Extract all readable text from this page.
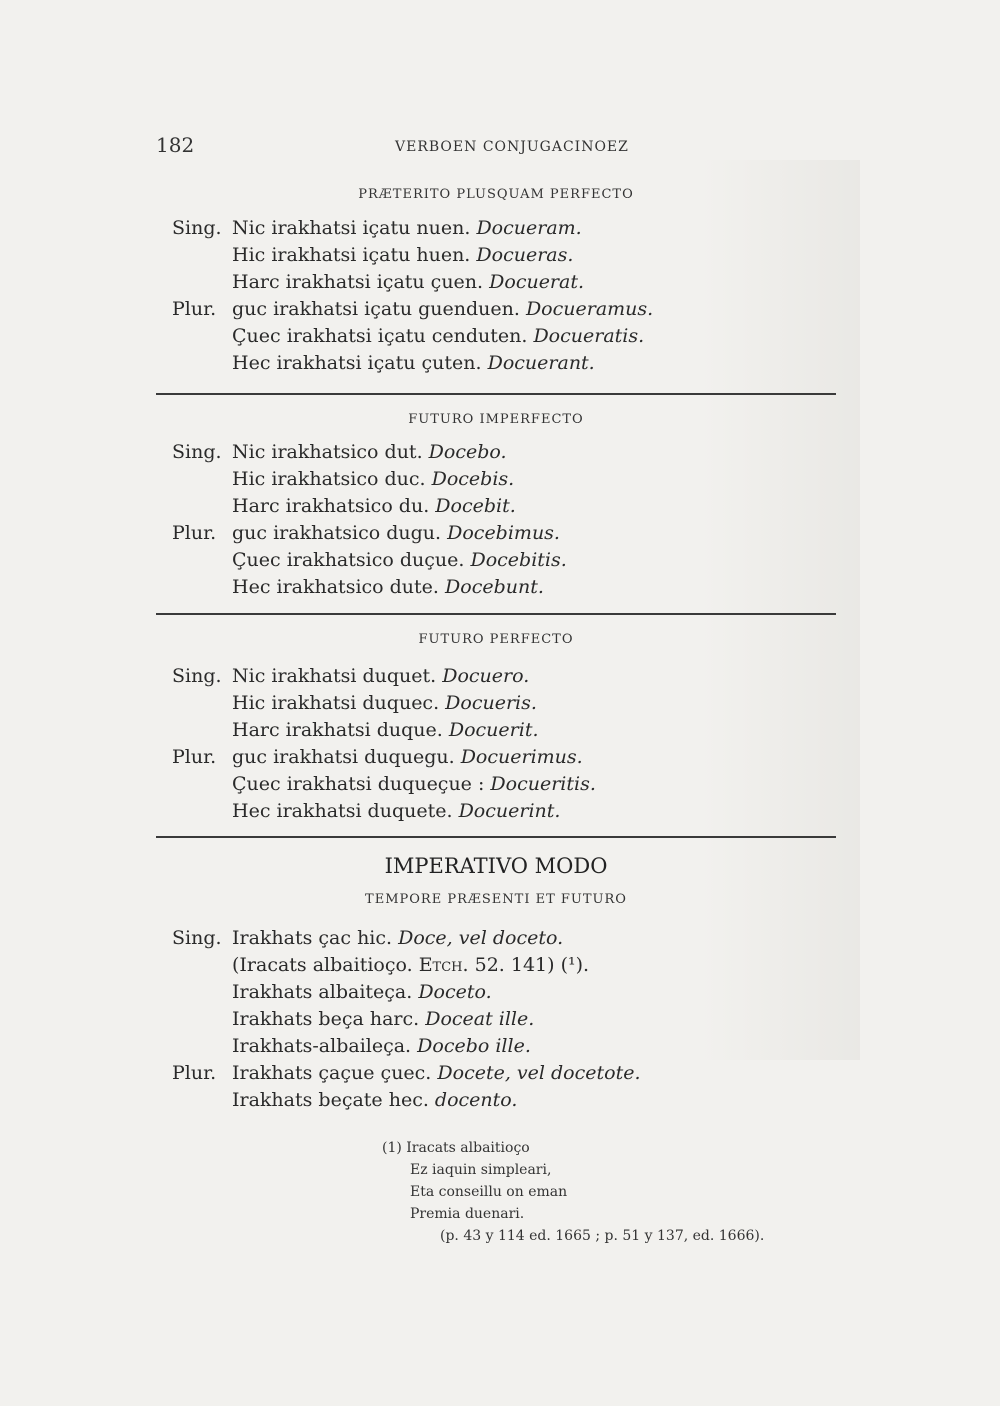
182	VERBOEN CONJUGACINOEZ
PRÆTERITO PLUSQUAM PERFECTO
Sing. Nic irakhatsi içatu nuen. Docueram.
Hic irakhatsi içatu huen. Docueras.
Harc irakhatsi içatu çuen. Docuerat.
Plur. guc irakhatsi içatu guenduen. Docueramus.
Çuec irakhatsi içatu cenduten. Docueratis.
Hec irakhatsi içatu çuten. Docuerant.
FUTURO IMPERFECTO
Sing. Nic irakhatsico dut. Docebo.
Hic irakhatsico duc. Docebis.
Harc irakhatsico du. Docebit.
Plur. guc irakhatsico dugu. Docebimus.
Çuec irakhatsico duçue. Docebitis.
Hec irakhatsico dute. Docebunt.
FUTURO PERFECTO
Sing. Nic irakhatsi duquet. Docuero.
Hic irakhatsi duquec. Docueris.
Harc irakhatsi duque. Docuerit.
Plur. guc irakhatsi duquegu. Docuerimus.
Çuec irakhatsi duqueçue : Docueritis.
Hec irakhatsi duquete. Docuerint.
IMPERATIVO MODO
TEMPORE PRÆSENTI ET FUTURO
Sing. Irakhats çac hic. Doce, vel doceto.
(Iracats albaitioço. Etch. 52. 141) (¹).
Irakhats albaiteça. Doceto.
Irakhats beça harc. Doceat ille.
Irakhats-albaileça. Docebo ille.
Plur. Irakhats çaçue çuec. Docete, vel docetote.
Irakhats beçate hec. docento.
(1) Iracats albaitioço
Ez iaquin simpleari,
Eta conseillu on eman
Premia duenari.
(p. 43 y 114 ed. 1665 ; p. 51 y 137, ed. 1666).
